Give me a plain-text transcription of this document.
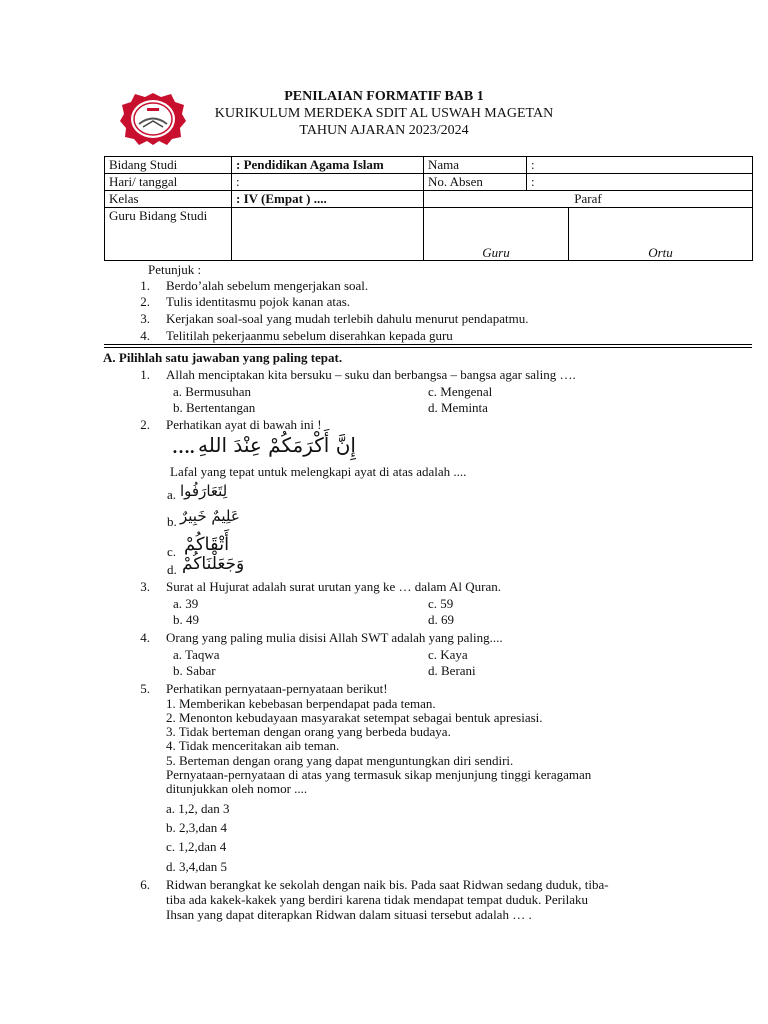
PENILAIAN FORMATIF BAB 1
KURIKULUM MERDEKA SDIT AL USWAH MAGETAN
TAHUN AJARAN 2023/2024
Bidang Studi	: Pendidikan Agama Islam	Nama	:	
Hari/ tanggal	:	No. Absen	:	
Kelas	: IV (Empat ) ....	Paraf		
Guru Bidang Studi		Guru		Ortu
Petunjuk :
1. Berdo’alah sebelum mengerjakan soal.
2. Tulis identitasmu pojok kanan atas.
3. Kerjakan soal-soal yang mudah terlebih dahulu menurut pendapatmu.
4. Telitilah pekerjaanmu sebelum diserahkan kepada guru
A. Pilihlah satu jawaban yang paling tepat.
1. Allah menciptakan kita bersuku – suku dan berbangsa – bangsa agar saling ….
a. Bermusuhan	c. Mengenal
b. Bertentangan	d. Meminta
2. Perhatikan ayat di bawah ini !
…. إِنَّ أَكْرَمَكُمْ عِنْدَ اللهِ
Lafal yang tepat untuk melengkapi ayat di atas adalah ....
a. لِتَعَارَفُوا
b. عَلِيمٌ خَبِيرٌ
c. أَتْقَاكُمْ
d. وَجَعَلْنَاكُمْ
3. Surat al Hujurat adalah surat urutan yang ke … dalam Al Quran.
a. 39	c. 59
b. 49	d. 69
4. Orang yang paling mulia disisi Allah SWT adalah yang paling....
a. Taqwa	c. Kaya
b. Sabar	d. Berani
5. Perhatikan pernyataan-pernyataan berikut!
1. Memberikan kebebasan berpendapat pada teman.
2. Menonton kebudayaan masyarakat setempat sebagai bentuk apresiasi.
3. Tidak berteman dengan orang yang berbeda budaya.
4. Tidak menceritakan aib teman.
5. Berteman dengan orang yang dapat menguntungkan diri sendiri.
Pernyataan-pernyataan di atas yang termasuk sikap menjunjung tinggi keragaman
ditunjukkan oleh nomor ....
a. 1,2, dan 3
b. 2,3,dan 4
c. 1,2,dan 4
d. 3,4,dan 5
6. Ridwan berangkat ke sekolah dengan naik bis. Pada saat Ridwan sedang duduk, tiba-
tiba ada kakek-kakek yang berdiri karena tidak mendapat tempat duduk. Perilaku
Ihsan yang dapat diterapkan Ridwan dalam situasi tersebut adalah … .
